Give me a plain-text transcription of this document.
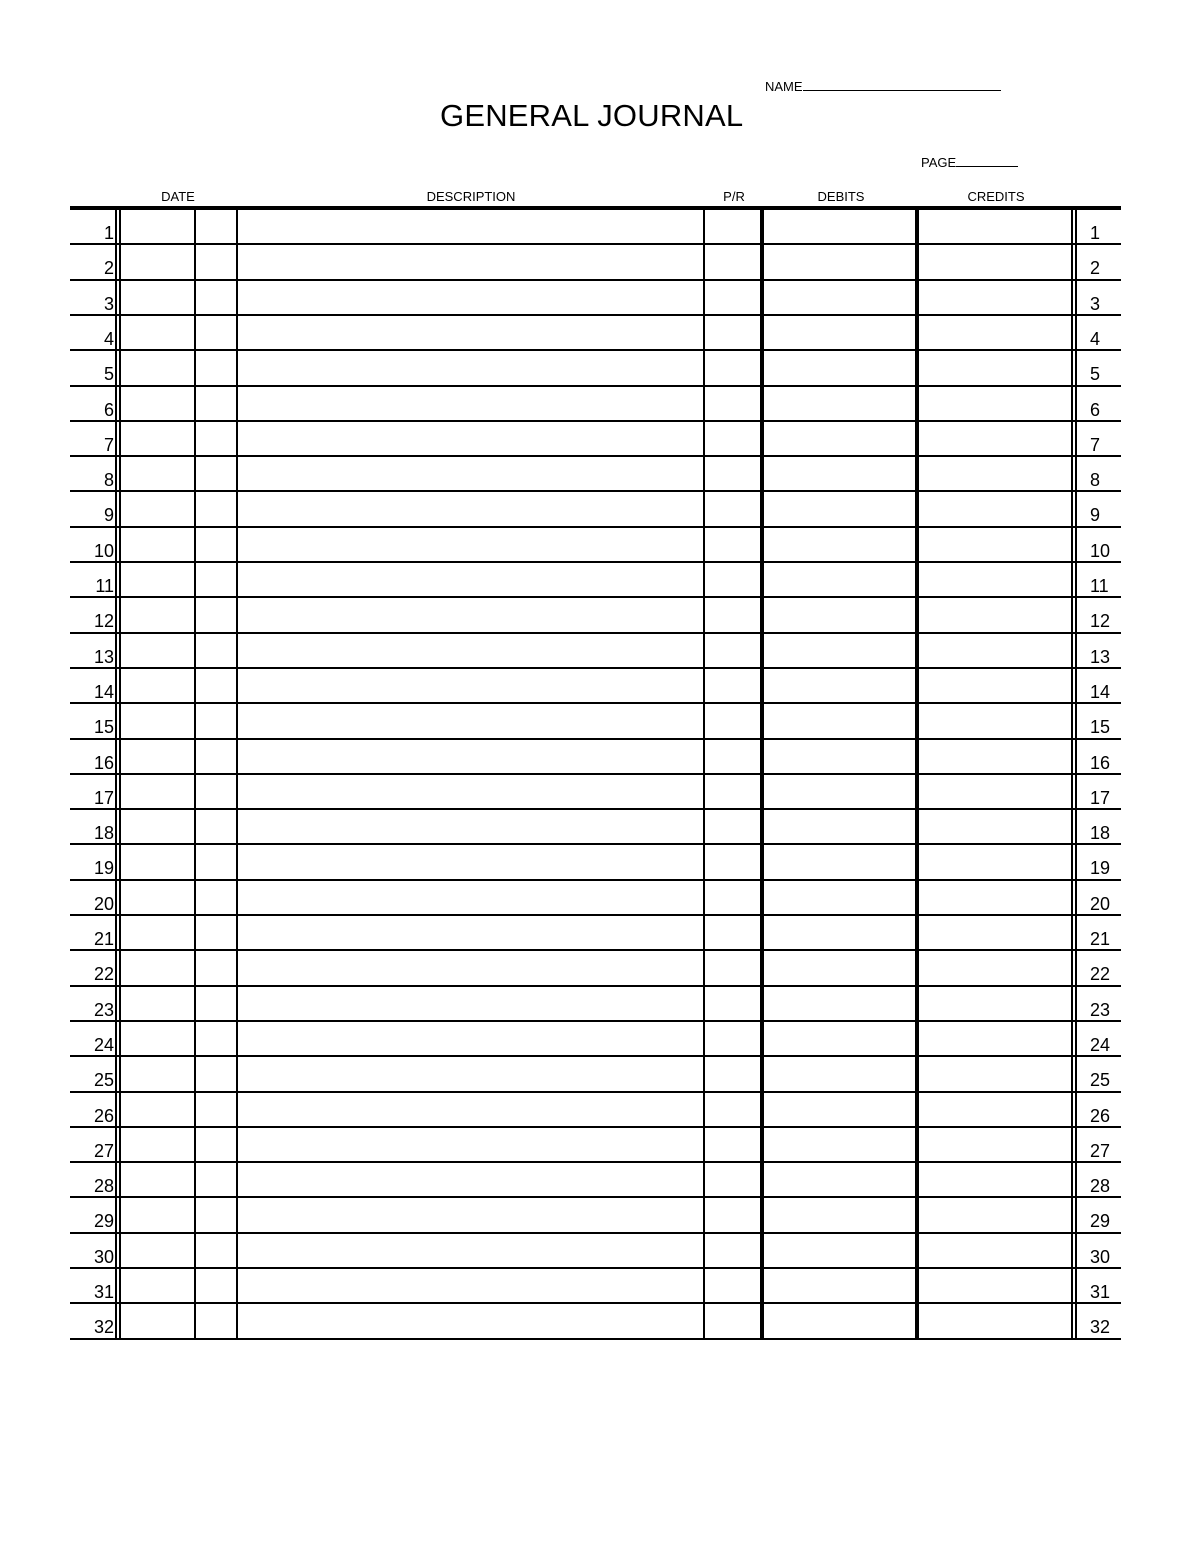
GENERAL JOURNAL
NAME
PAGE
DATE	DESCRIPTION	P/R	DEBITS	CREDITS
1	1
2	2
3	3
4	4
5	5
6	6
7	7
8	8
9	9
10	10
11	11
12	12
13	13
14	14
15	15
16	16
17	17
18	18
19	19
20	20
21	21
22	22
23	23
24	24
25	25
26	26
27	27
28	28
29	29
30	30
31	31
32	32
